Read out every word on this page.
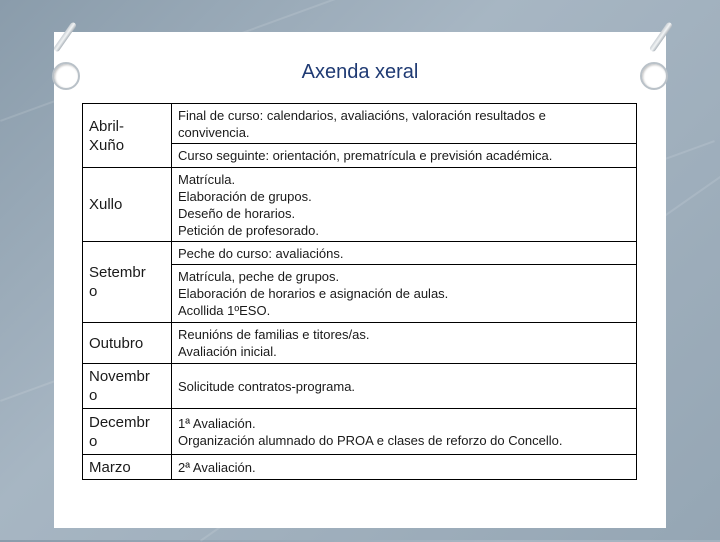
Axenda xeral
Abril-
Xuño	Final de curso: calendarios, avaliacións, valoración resultados e
convivencia.
	Curso seguinte: orientación, prematrícula e previsión académica.
Xullo	Matrícula.
Elaboración de grupos.
Deseño de horarios.
Petición de profesorado.
Setembr
o	Peche do curso: avaliacións.
	Matrícula, peche de grupos.
Elaboración de horarios e asignación de aulas.
Acollida 1ºESO.
Outubro	Reunións de familias e titores/as.
Avaliación inicial.
Novembr
o	Solicitude contratos-programa.
Decembr
o	1ª Avaliación.
Organización alumnado do PROA e clases de reforzo do Concello.
Marzo	2ª Avaliación.
